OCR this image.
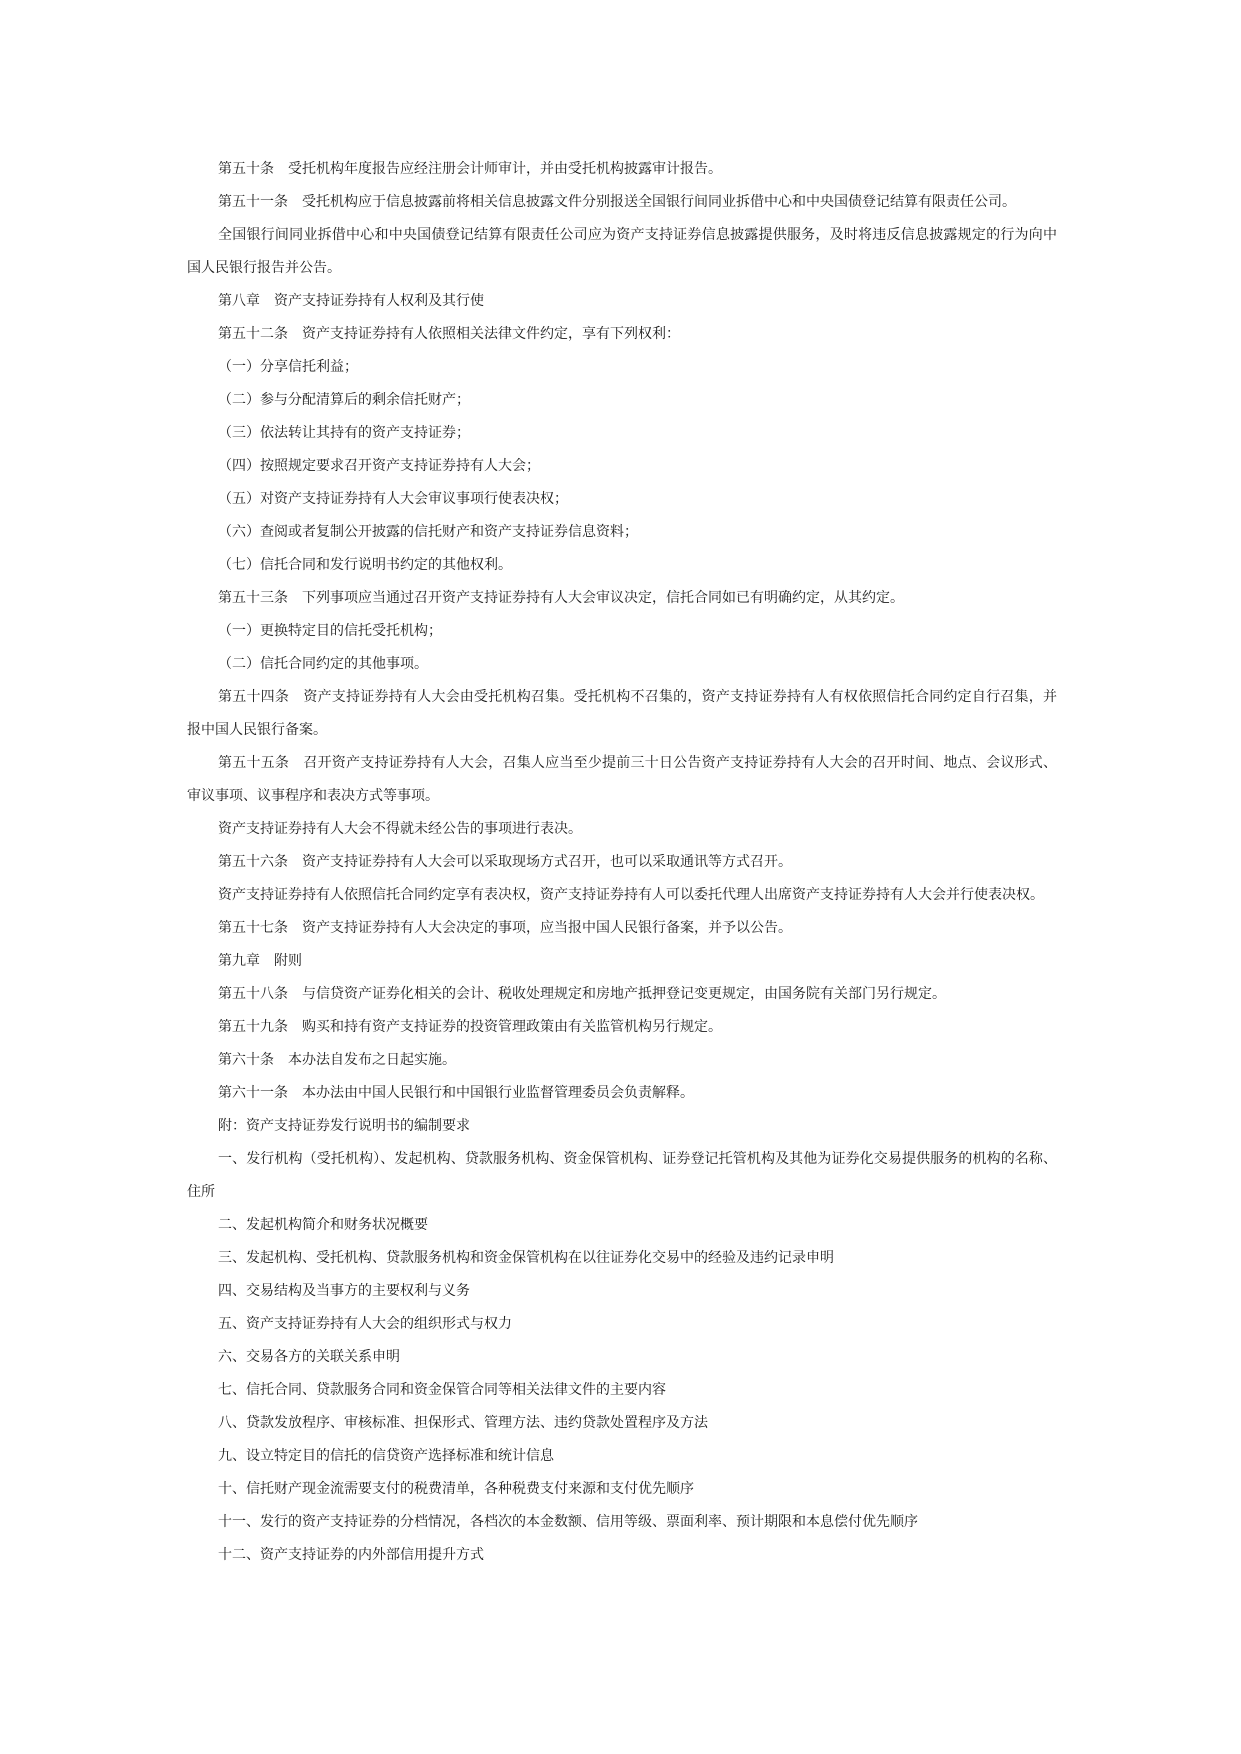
第五十条　受托机构年度报告应经注册会计师审计，并由受托机构披露审计报告。

第五十一条　受托机构应于信息披露前将相关信息披露文件分别报送全国银行间同业拆借中心和中央国债登记结算有限责任公司。

全国银行间同业拆借中心和中央国债登记结算有限责任公司应为资产支持证券信息披露提供服务，及时将违反信息披露规定的行为向中国人民银行报告并公告。

第八章　资产支持证券持有人权利及其行使

第五十二条　资产支持证券持有人依照相关法律文件约定，享有下列权利：

（一）分享信托利益；

（二）参与分配清算后的剩余信托财产；

（三）依法转让其持有的资产支持证券；

（四）按照规定要求召开资产支持证券持有人大会；

（五）对资产支持证券持有人大会审议事项行使表决权；

（六）查阅或者复制公开披露的信托财产和资产支持证券信息资料；

（七）信托合同和发行说明书约定的其他权利。

第五十三条　下列事项应当通过召开资产支持证券持有人大会审议决定，信托合同如已有明确约定，从其约定。

（一）更换特定目的信托受托机构；

（二）信托合同约定的其他事项。

第五十四条　资产支持证券持有人大会由受托机构召集。受托机构不召集的，资产支持证券持有人有权依照信托合同约定自行召集，并报中国人民银行备案。

第五十五条　召开资产支持证券持有人大会，召集人应当至少提前三十日公告资产支持证券持有人大会的召开时间、地点、会议形式、审议事项、议事程序和表决方式等事项。

资产支持证券持有人大会不得就未经公告的事项进行表决。

第五十六条　资产支持证券持有人大会可以采取现场方式召开，也可以采取通讯等方式召开。

资产支持证券持有人依照信托合同约定享有表决权，资产支持证券持有人可以委托代理人出席资产支持证券持有人大会并行使表决权。

第五十七条　资产支持证券持有人大会决定的事项，应当报中国人民银行备案，并予以公告。

第九章　附则

第五十八条　与信贷资产证券化相关的会计、税收处理规定和房地产抵押登记变更规定，由国务院有关部门另行规定。

第五十九条　购买和持有资产支持证券的投资管理政策由有关监管机构另行规定。

第六十条　本办法自发布之日起实施。

第六十一条　本办法由中国人民银行和中国银行业监督管理委员会负责解释。

附：资产支持证券发行说明书的编制要求

一、发行机构（受托机构）、发起机构、贷款服务机构、资金保管机构、证券登记托管机构及其他为证券化交易提供服务的机构的名称、住所

二、发起机构简介和财务状况概要

三、发起机构、受托机构、贷款服务机构和资金保管机构在以往证券化交易中的经验及违约记录申明

四、交易结构及当事方的主要权利与义务

五、资产支持证券持有人大会的组织形式与权力

六、交易各方的关联关系申明

七、信托合同、贷款服务合同和资金保管合同等相关法律文件的主要内容

八、贷款发放程序、审核标准、担保形式、管理方法、违约贷款处置程序及方法

九、设立特定目的信托的信贷资产选择标准和统计信息

十、信托财产现金流需要支付的税费清单，各种税费支付来源和支付优先顺序

十一、发行的资产支持证券的分档情况，各档次的本金数额、信用等级、票面利率、预计期限和本息偿付优先顺序

十二、资产支持证券的内外部信用提升方式
